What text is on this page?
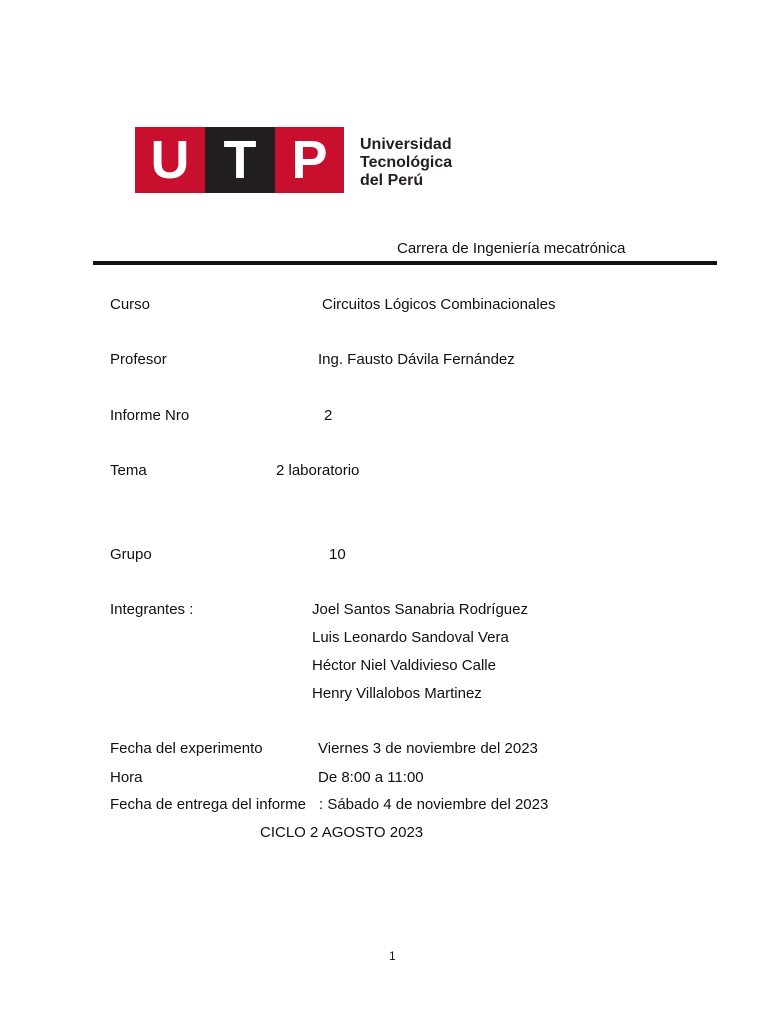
U T P	Universidad
Tecnológica
del Perú
Carrera de Ingeniería mecatrónica
Curso	Circuitos Lógicos Combinacionales
Profesor	Ing. Fausto Dávila Fernández
Informe Nro	2
Tema	2 laboratorio
Grupo	10
Integrantes :	Joel Santos Sanabria Rodríguez
Luis Leonardo Sandoval Vera
Héctor Niel Valdivieso Calle
Henry Villalobos Martinez
Fecha del experimento	Viernes 3 de noviembre del 2023
Hora	De 8:00 a 11:00
Fecha de entrega del informe : Sábado 4 de noviembre del 2023
CICLO 2 AGOSTO 2023
1
